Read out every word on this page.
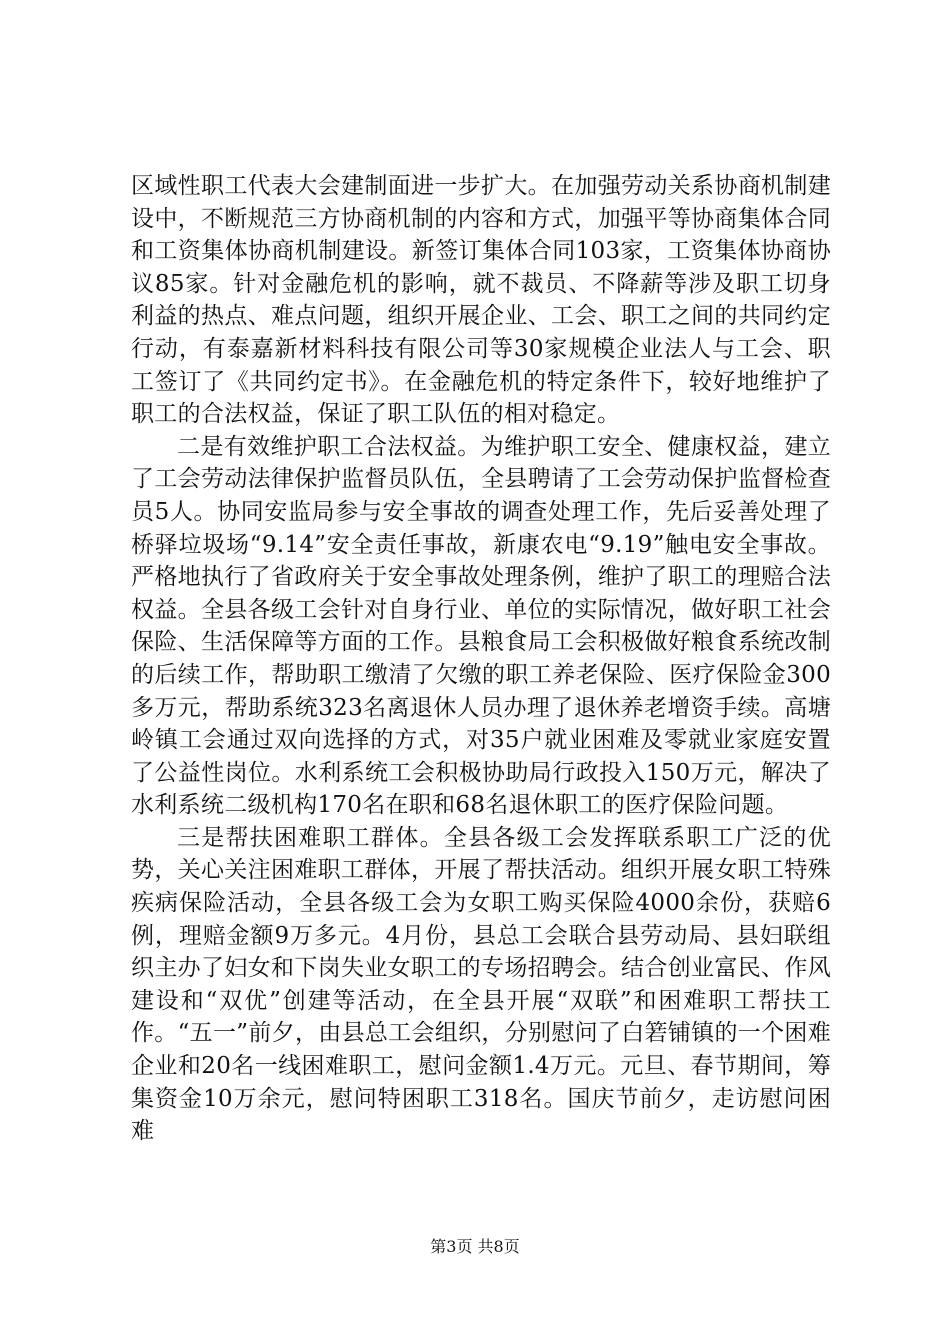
区域性职工代表大会建制面进一步扩大。在加强劳动关系协商机制建设中，不断规范三方协商机制的内容和方式，加强平等协商集体合同和工资集体协商机制建设。新签订集体合同103家，工资集体协商协议85家。针对金融危机的影响，就不裁员、不降薪等涉及职工切身利益的热点、难点问题，组织开展企业、工会、职工之间的共同约定行动，有泰嘉新材料科技有限公司等30家规模企业法人与工会、职工签订了《共同约定书》。在金融危机的特定条件下，较好地维护了职工的合法权益，保证了职工队伍的相对稳定。

二是有效维护职工合法权益。为维护职工安全、健康权益，建立了工会劳动法律保护监督员队伍，全县聘请了工会劳动保护监督检查员5人。协同安监局参与安全事故的调查处理工作，先后妥善处理了桥驿垃圾场“9.14”安全责任事故，新康农电“9.19”触电安全事故。严格地执行了省政府关于安全事故处理条例，维护了职工的理赔合法权益。全县各级工会针对自身行业、单位的实际情况，做好职工社会保险、生活保障等方面的工作。县粮食局工会积极做好粮食系统改制的后续工作，帮助职工缴清了欠缴的职工养老保险、医疗保险金300多万元，帮助系统323名离退休人员办理了退休养老增资手续。高塘岭镇工会通过双向选择的方式，对35户就业困难及零就业家庭安置了公益性岗位。水利系统工会积极协助局行政投入150万元，解决了水利系统二级机构170名在职和68名退休职工的医疗保险问题。

三是帮扶困难职工群体。全县各级工会发挥联系职工广泛的优势，关心关注困难职工群体，开展了帮扶活动。组织开展女职工特殊疾病保险活动，全县各级工会为女职工购买保险4000余份，获赔6例，理赔金额9万多元。4月份，县总工会联合县劳动局、县妇联组织主办了妇女和下岗失业女职工的专场招聘会。结合创业富民、作风建设和“双优”创建等活动，在全县开展“双联”和困难职工帮扶工作。“五一”前夕，由县总工会组织，分别慰问了白箬铺镇的一个困难企业和20名一线困难职工，慰问金额1.4万元。元旦、春节期间，筹集资金10万余元，慰问特困职工318名。国庆节前夕，走访慰问困难

第3页 共8页
